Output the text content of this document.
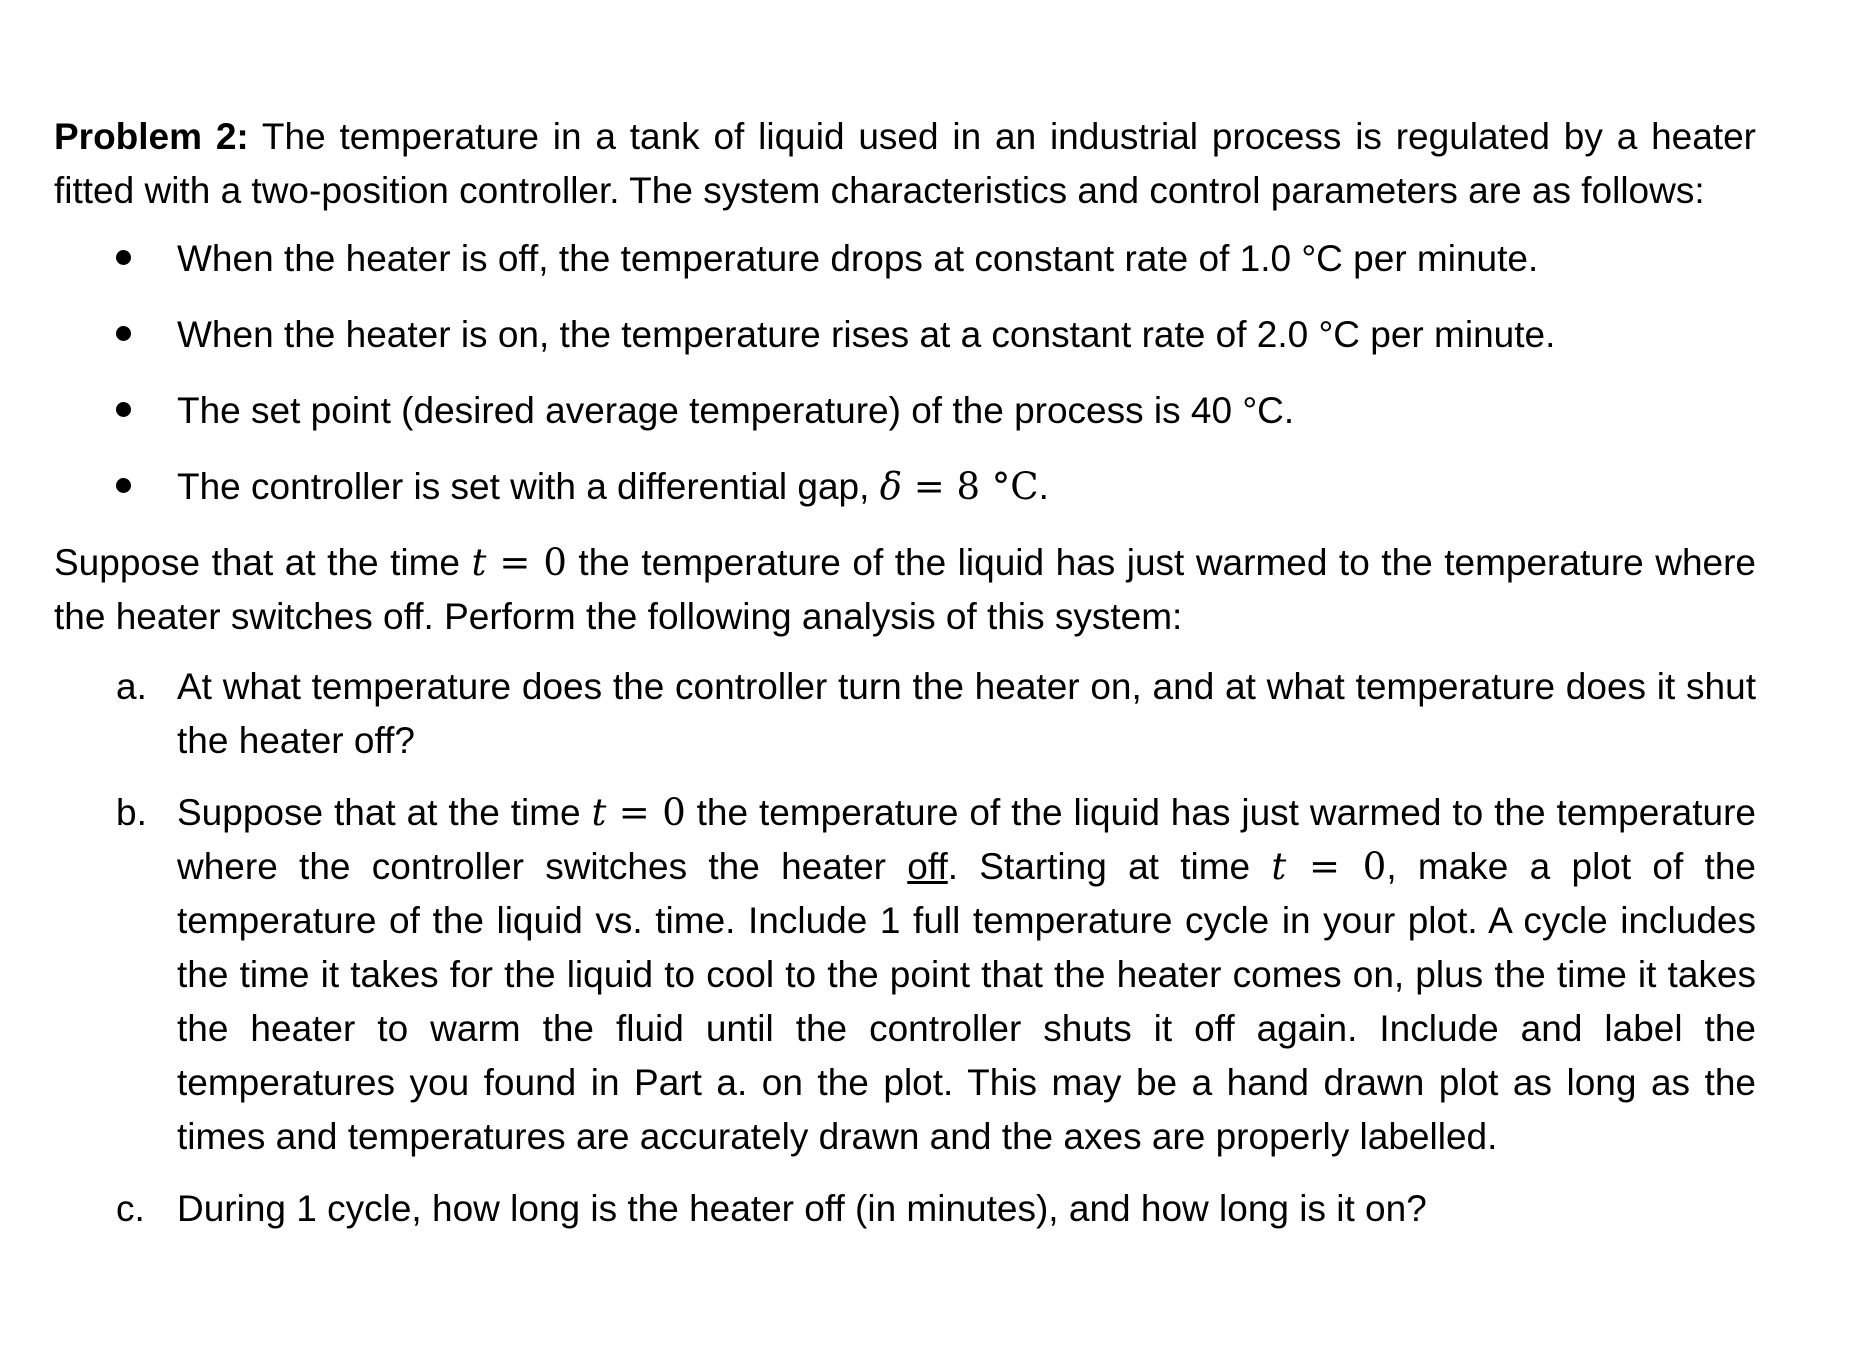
Problem 2: The temperature in a tank of liquid used in an industrial process is regulated by a heater fitted with a two-position controller. The system characteristics and control parameters are as follows:

When the heater is off, the temperature drops at constant rate of 1.0 °C per minute.
When the heater is on, the temperature rises at a constant rate of 2.0 °C per minute.
The set point (desired average temperature) of the process is 40 °C.
The controller is set with a differential gap, δ = 8 °C.

Suppose that at the time t = 0 the temperature of the liquid has just warmed to the temperature where the heater switches off. Perform the following analysis of this system:

a. At what temperature does the controller turn the heater on, and at what temperature does it shut the heater off?
b. Suppose that at the time t = 0 the temperature of the liquid has just warmed to the temperature where the controller switches the heater off. Starting at time t = 0, make a plot of the temperature of the liquid vs. time. Include 1 full temperature cycle in your plot. A cycle includes the time it takes for the liquid to cool to the point that the heater comes on, plus the time it takes the heater to warm the fluid until the controller shuts it off again. Include and label the temperatures you found in Part a. on the plot. This may be a hand drawn plot as long as the times and temperatures are accurately drawn and the axes are properly labelled.
c. During 1 cycle, how long is the heater off (in minutes), and how long is it on?
